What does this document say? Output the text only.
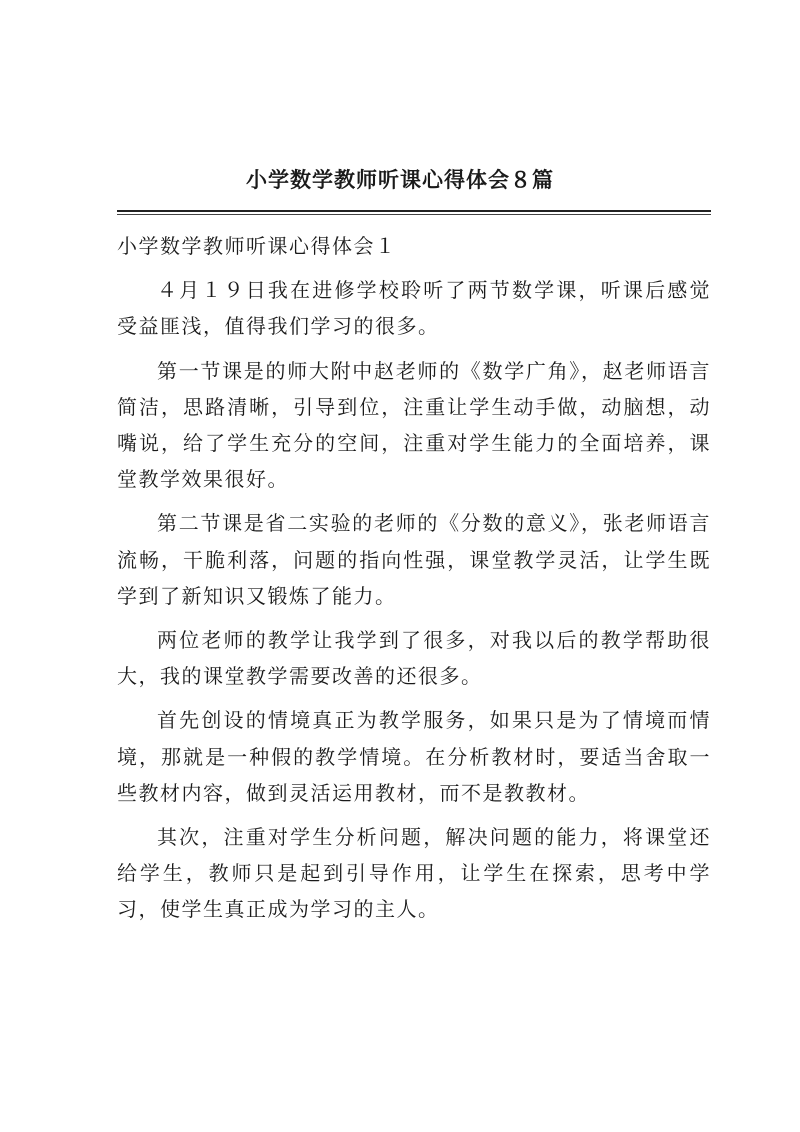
小学数学教师听课心得体会８篇

小学数学教师听课心得体会１

４月１９日我在进修学校聆听了两节数学课，听课后感觉受益匪浅，值得我们学习的很多。

第一节课是的师大附中赵老师的《数学广角》，赵老师语言简洁，思路清晰，引导到位，注重让学生动手做，动脑想，动嘴说，给了学生充分的空间，注重对学生能力的全面培养，课堂教学效果很好。

第二节课是省二实验的老师的《分数的意义》，张老师语言流畅，干脆利落，问题的指向性强，课堂教学灵活，让学生既学到了新知识又锻炼了能力。

两位老师的教学让我学到了很多，对我以后的教学帮助很大，我的课堂教学需要改善的还很多。

首先创设的情境真正为教学服务，如果只是为了情境而情境，那就是一种假的教学情境。在分析教材时，要适当舍取一些教材内容，做到灵活运用教材，而不是教教材。

其次，注重对学生分析问题，解决问题的能力，将课堂还给学生，教师只是起到引导作用，让学生在探索，思考中学习，使学生真正成为学习的主人。
